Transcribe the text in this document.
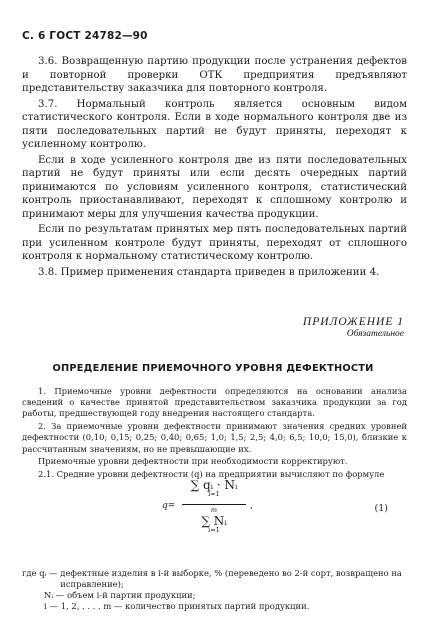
С. 6 ГОСТ 24782—90

3.6. Возвращенную партию продукции после устранения дефектов и повторной проверки ОТК предприятия предъявляют представительству заказчика для повторного контроля.

3.7. Нормальный контроль является основным видом статистического контроля. Если в ходе нормального контроля две из пяти последовательных партий не будут приняты, переходят к усиленному контролю.

Если в ходе усиленного контроля две из пяти последовательных партий не будут приняты или если десять очередных партий принимаются по условиям усиленного контроля, статистический контроль приостанавливают, переходят к сплошному контролю и принимают меры для улучшения качества продукции.

Если по результатам принятых мер пять последовательных партий при усиленном контроле будут приняты, переходят от сплошного контроля к нормальному статистическому контролю.

3.8. Пример применения стандарта приведен в приложении 4.

ПРИЛОЖЕНИЕ 1
Обязательное
ОПРЕДЕЛЕНИЕ ПРИЕМОЧНОГО УРОВНЯ ДЕФЕКТНОСТИ

1. Приемочные уровни дефектности определяются на основании анализа сведений о качестве принятой представительством заказчика продукции за год работы, предшествующей году внедрения настоящего стандарта.

2. За приемочные уровни дефектности принимают значения средних уровней дефектности (0,10; 0,15; 0,25; 0,40; 0,65; 1,0; 1,5; 2,5; 4,0; 6,5; 10,0; 15,0), близкие к рассчитанным значениям, но не превышающие их.

Приемочные уровни дефектности при необходимости корректируют.

2.1. Средние уровни дефектности (q) на предприятии вычисляют по формуле

q=
∑ qᵢ · Nᵢ
i=1
m
∑ Nᵢ
i=1
,	(1)
где qᵢ — дефектные изделия в i-й выборке, % (переведено во 2-й сорт, возвращено на исправление);
Nᵢ — объем i-й партии продукции;
i — 1, 2, . . . . m — количество принятых партий продукции.
